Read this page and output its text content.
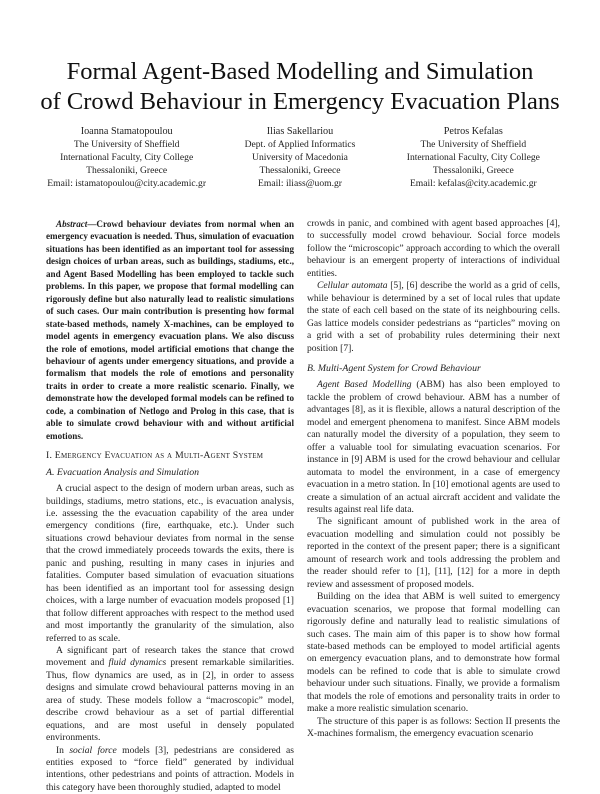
Formal Agent-Based Modelling and Simulation
of Crowd Behaviour in Emergency Evacuation Plans
Ioanna Stamatopoulou
The University of Sheffield
International Faculty, City College
Thessaloniki, Greece
Email: istamatopoulou@city.academic.gr
Ilias Sakellariou
Dept. of Applied Informatics
University of Macedonia
Thessaloniki, Greece
Email: iliass@uom.gr
Petros Kefalas
The University of Sheffield
International Faculty, City College
Thessaloniki, Greece
Email: kefalas@city.academic.gr

Abstract—Crowd behaviour deviates from normal when an emergency evacuation is needed. Thus, simulation of evacuation situations has been identified as an important tool for assessing design choices of urban areas, such as buildings, stadiums, etc., and Agent Based Modelling has been employed to tackle such problems. In this paper, we propose that formal modelling can rigorously define but also naturally lead to realistic simulations of such cases. Our main contribution is presenting how formal state-based methods, namely X-machines, can be employed to model agents in emergency evacuation plans. We also discuss the role of emotions, model artificial emotions that change the behaviour of agents under emergency situations, and provide a formalism that models the role of emotions and personality traits in order to create a more realistic scenario. Finally, we demonstrate how the developed formal models can be refined to code, a combination of Netlogo and Prolog in this case, that is able to simulate crowd behaviour with and without artificial emotions.

I. Emergency Evacuation as a Multi-Agent System
A. Evacuation Analysis and Simulation

A crucial aspect to the design of modern urban areas, such as buildings, stadiums, metro stations, etc., is evacuation analysis, i.e. assessing the the evacuation capability of the area under emergency conditions (fire, earthquake, etc.). Under such situations crowd behaviour deviates from normal in the sense that the crowd immediately proceeds towards the exits, there is panic and pushing, resulting in many cases in injuries and fatalities. Computer based simulation of evacuation situations has been identified as an important tool for assessing design choices, with a large number of evacuation models proposed [1] that follow different approaches with respect to the method used and most importantly the granularity of the simulation, also referred to as scale.

A significant part of research takes the stance that crowd movement and fluid dynamics present remarkable similarities. Thus, flow dynamics are used, as in [2], in order to assess designs and simulate crowd behavioural patterns moving in an area of study. These models follow a “macroscopic” model, describe crowd behaviour as a set of partial differential equations, and are most useful in densely populated environments.

In social force models [3], pedestrians are considered as entities exposed to “force field” generated by individual intentions, other pedestrians and points of attraction. Models in this category have been thoroughly studied, adapted to model

crowds in panic, and combined with agent based approaches [4], to successfully model crowd behaviour. Social force models follow the “microscopic” approach according to which the overall behaviour is an emergent property of interactions of individual entities.

Cellular automata [5], [6] describe the world as a grid of cells, while behaviour is determined by a set of local rules that update the state of each cell based on the state of its neighbouring cells. Gas lattice models consider pedestrians as “particles” moving on a grid with a set of probability rules determining their next position [7].

B. Multi-Agent System for Crowd Behaviour

Agent Based Modelling (ABM) has also been employed to tackle the problem of crowd behaviour. ABM has a number of advantages [8], as it is flexible, allows a natural description of the model and emergent phenomena to manifest. Since ABM models can naturally model the diversity of a population, they seem to offer a valuable tool for simulating evacuation scenarios. For instance in [9] ABM is used for the crowd behaviour and cellular automata to model the environment, in a case of emergency evacuation in a metro station. In [10] emotional agents are used to create a simulation of an actual aircraft accident and validate the results against real life data.

The significant amount of published work in the area of evacuation modelling and simulation could not possibly be reported in the context of the present paper; there is a significant amount of research work and tools addressing the problem and the reader should refer to [1], [11], [12] for a more in depth review and assessment of proposed models.

Building on the idea that ABM is well suited to emergency evacuation scenarios, we propose that formal modelling can rigorously define and naturally lead to realistic simulations of such cases. The main aim of this paper is to show how formal state-based methods can be employed to model artificial agents on emergency evacuation plans, and to demonstrate how formal models can be refined to code that is able to simulate crowd behaviour under such situations. Finally, we provide a formalism that models the role of emotions and personality traits in order to make a more realistic simulation scenario.

The structure of this paper is as follows: Section II presents the X-machines formalism, the emergency evacuation scenario
